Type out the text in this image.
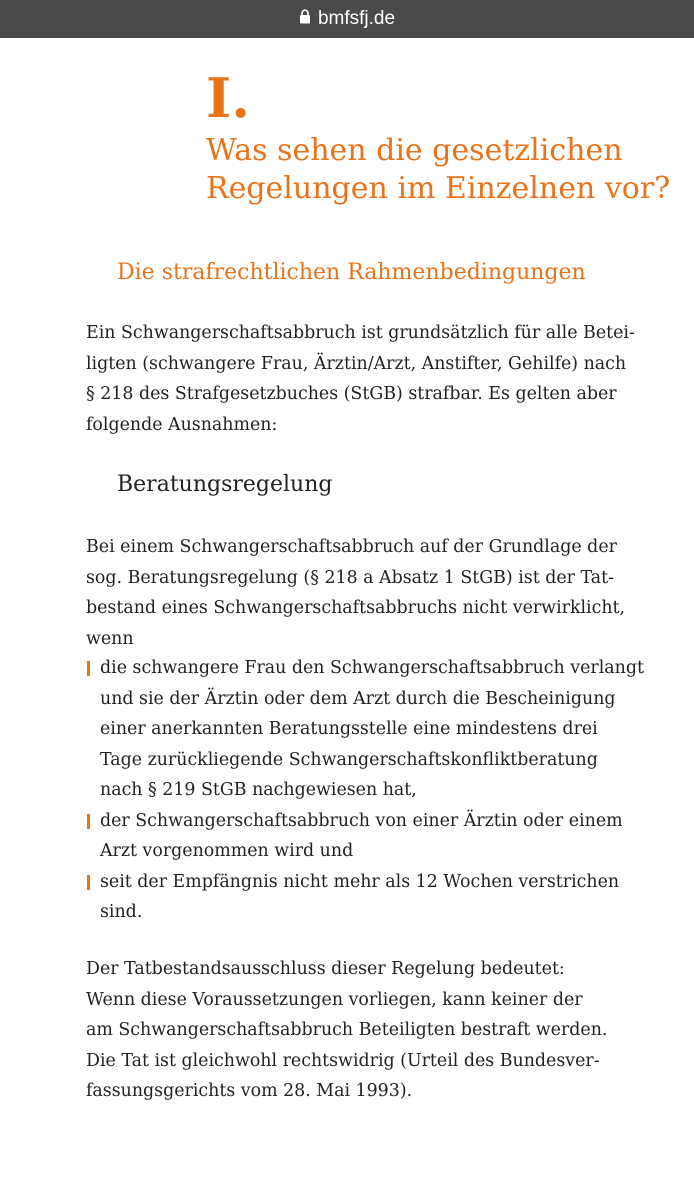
bmfsfj.de
I.
Was sehen die gesetzlichen
Regelungen im Einzelnen vor?
Die strafrechtlichen Rahmenbedingungen

Ein Schwangerschaftsabbruch ist grundsätzlich für alle Betei-
ligten (schwangere Frau, Ärztin/Arzt, Anstifter, Gehilfe) nach
§ 218 des Strafgesetzbuches (StGB) strafbar. Es gelten aber
folgende Ausnahmen:

Beratungsregelung

Bei einem Schwangerschaftsabbruch auf der Grundlage der
sog. Beratungsregelung (§ 218 a Absatz 1 StGB) ist der Tat-
bestand eines Schwangerschaftsabbruchs nicht verwirklicht,
wenn

die schwangere Frau den Schwangerschaftsabbruch verlangt
und sie der Ärztin oder dem Arzt durch die Bescheinigung
einer anerkannten Beratungsstelle eine mindestens drei
Tage zurückliegende Schwangerschaftskonfliktberatung
nach § 219 StGB nachgewiesen hat,
der Schwangerschaftsabbruch von einer Ärztin oder einem
Arzt vorgenommen wird und
seit der Empfängnis nicht mehr als 12 Wochen verstrichen
sind.

Der Tatbestandsausschluss dieser Regelung bedeutet:
Wenn diese Voraussetzungen vorliegen, kann keiner der
am Schwangerschaftsabbruch Beteiligten bestraft werden.
Die Tat ist gleichwohl rechtswidrig (Urteil des Bundesver-
fassungsgerichts vom 28. Mai 1993).
